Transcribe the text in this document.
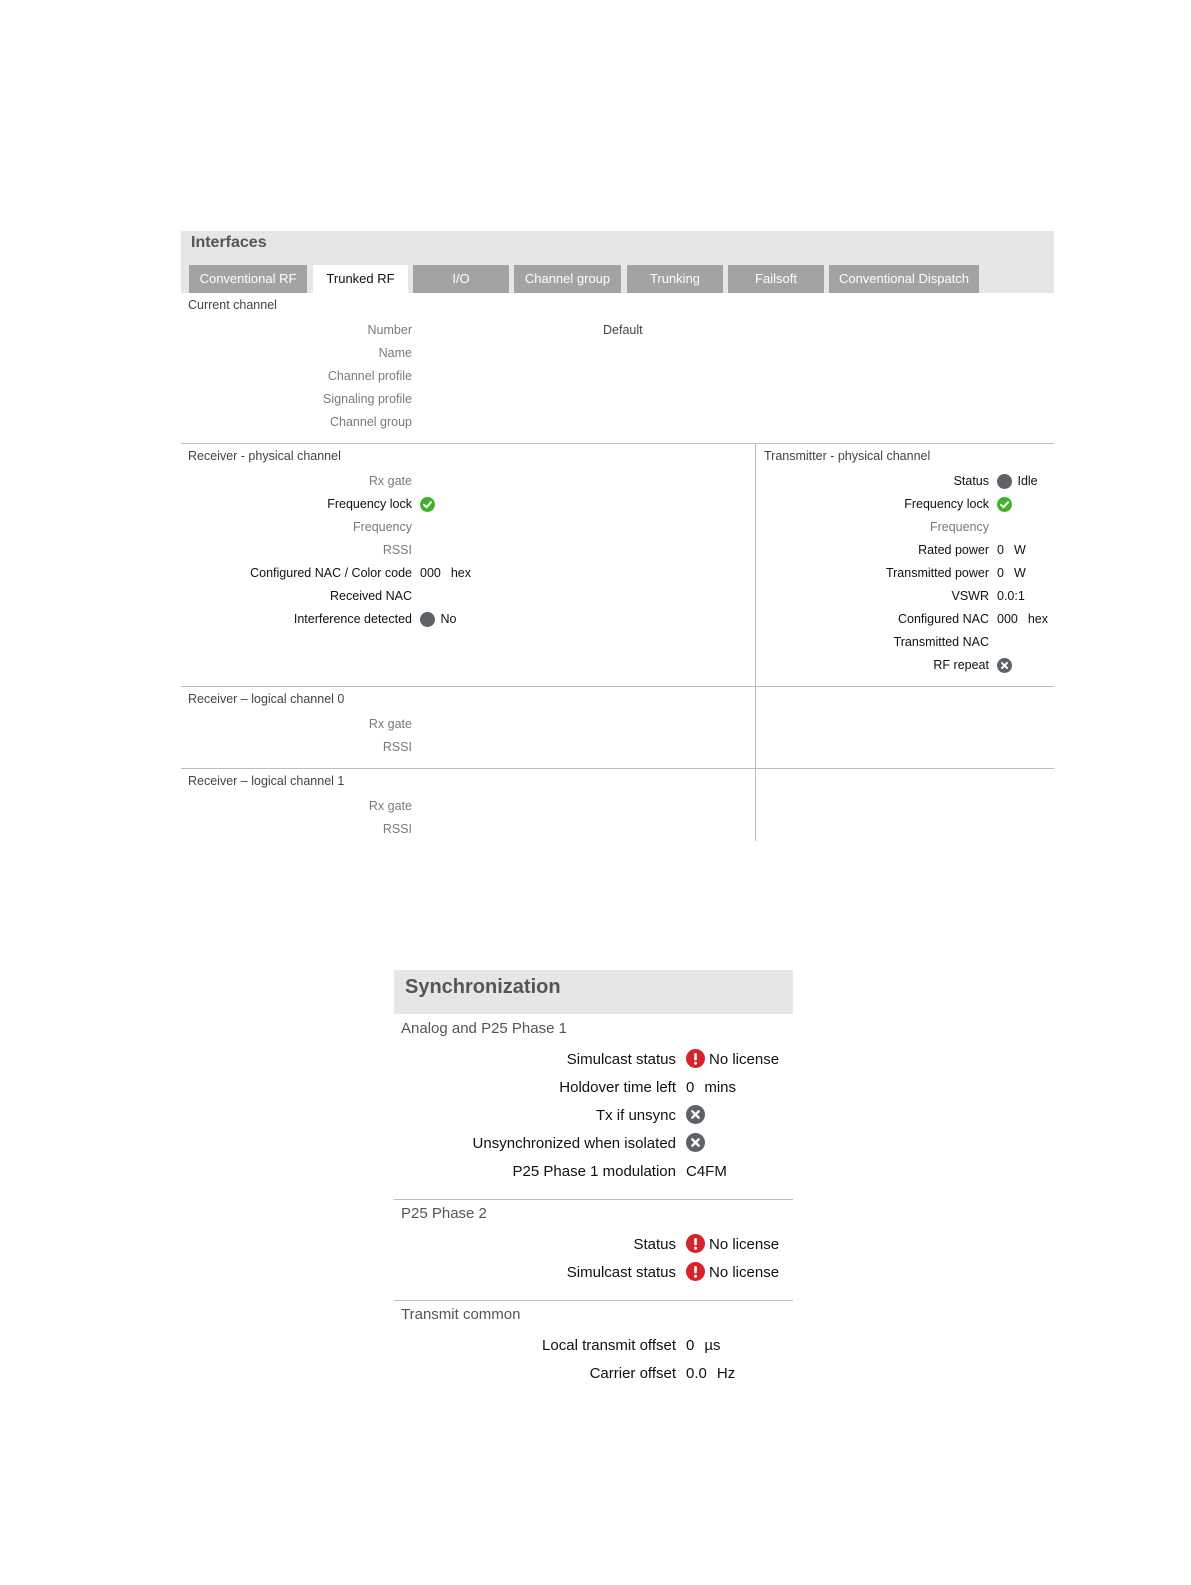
Interfaces
Conventional RF	Trunked RF	I/O	Channel group	Trunking	Failsoft	Conventional Dispatch
Current channel
Number	Default
Name
Channel profile
Signaling profile
Channel group
Receiver - physical channel
Rx gate
Frequency lock
Frequency
RSSI
Configured NAC / Color code 000 hex
Received NAC
Interference detected	No
Transmitter - physical channel
Status	Idle
Frequency lock
Frequency
Rated power 0 W
Transmitted power 0 W
VSWR 0.0:1
Configured NAC 000 hex
Transmitted NAC
RF repeat
Receiver – logical channel 0
Rx gate
RSSI
Receiver – logical channel 1
Rx gate
RSSI
Synchronization
Analog and P25 Phase 1
Simulcast status	No license
Holdover time left 0 mins
Tx if unsync
Unsynchronized when isolated
P25 Phase 1 modulation C4FM
P25 Phase 2
Status	No license
Simulcast status	No license
Transmit common
Local transmit offset 0 µs
Carrier offset 0.0 Hz
